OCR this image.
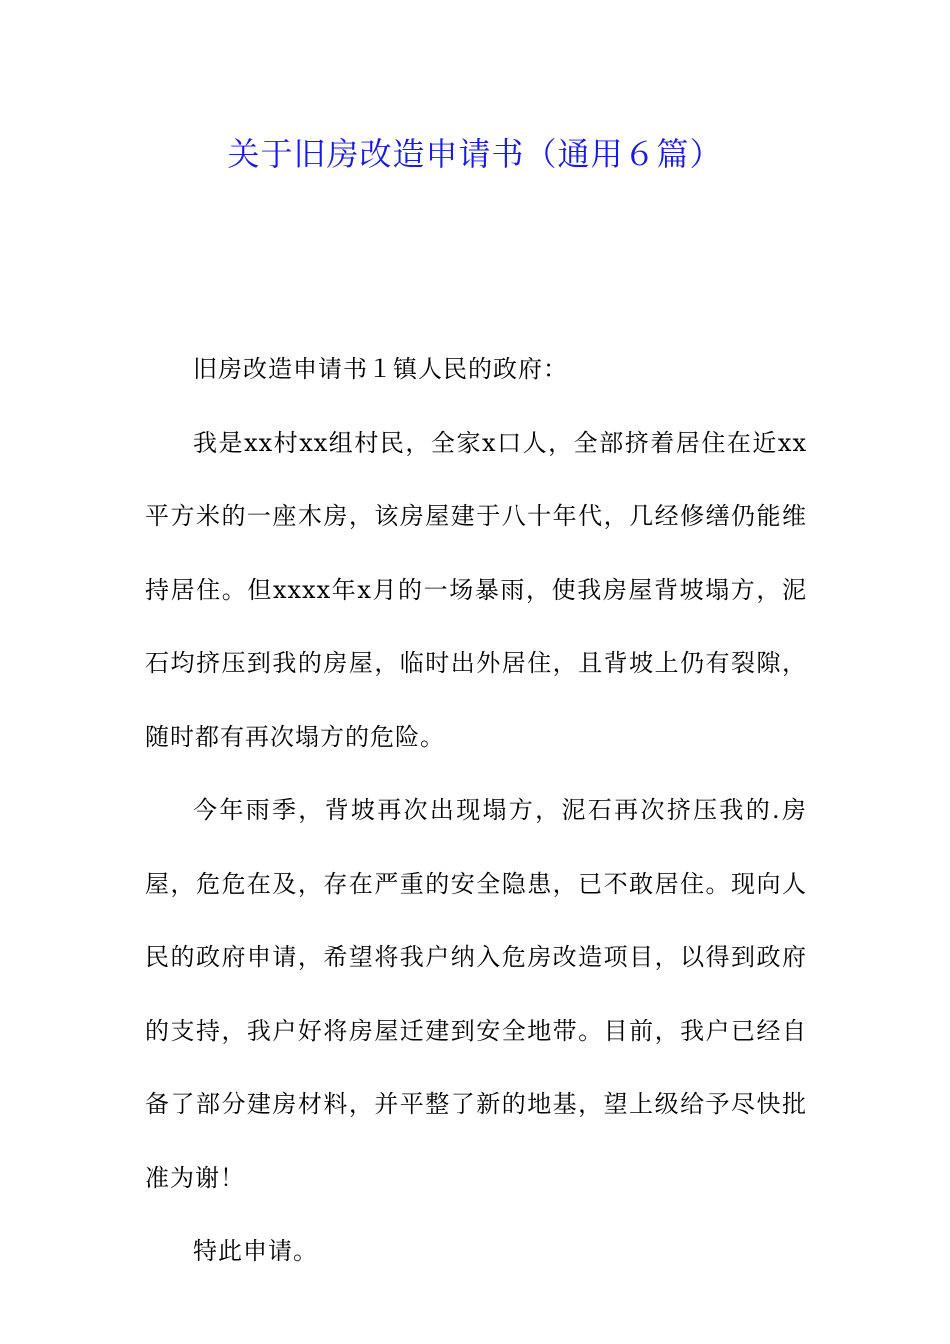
关于旧房改造申请书（通用６篇）

旧房改造申请书１镇人民的政府：

我是xx村xx组村民，全家x口人，全部挤着居住在近xx平方米的一座木房，该房屋建于八十年代，几经修缮仍能维持居住。但xxxx年x月的一场暴雨，使我房屋背坡塌方，泥石均挤压到我的房屋，临时出外居住，且背坡上仍有裂隙，随时都有再次塌方的危险。

今年雨季，背坡再次出现塌方，泥石再次挤压我的.房屋，危危在及，存在严重的安全隐患，已不敢居住。现向人民的政府申请，希望将我户纳入危房改造项目，以得到政府的支持，我户好将房屋迁建到安全地带。目前，我户已经自备了部分建房材料，并平整了新的地基，望上级给予尽快批准为谢！

特此申请。
